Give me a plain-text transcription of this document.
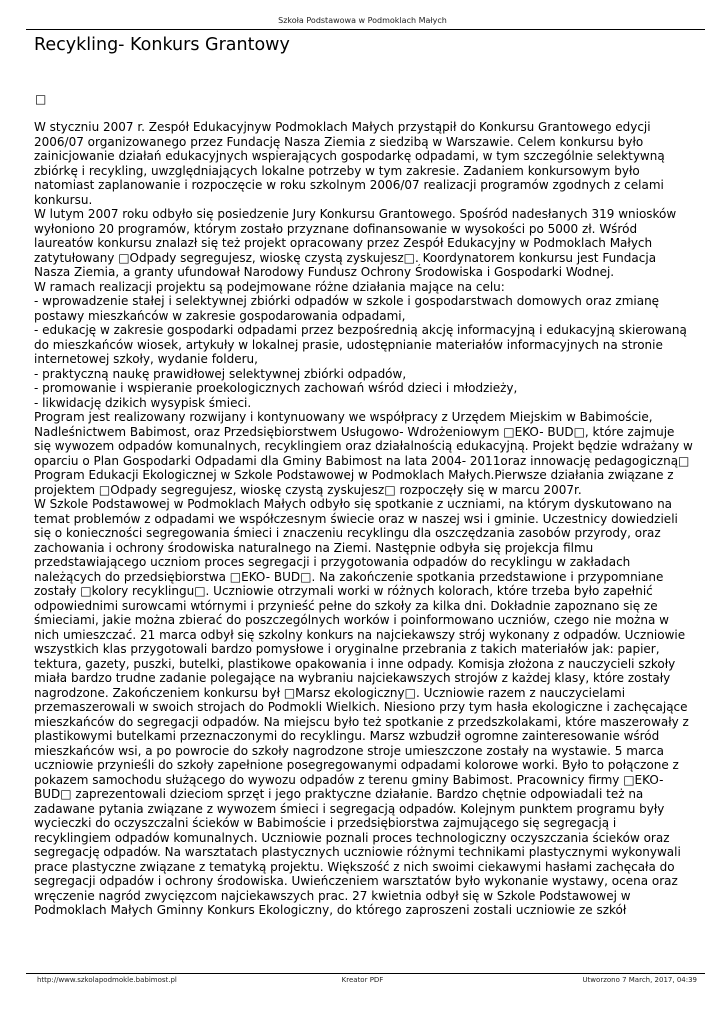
Szkoła Podstawowa w Podmoklach Małych
Recykling- Konkurs Grantowy
□

W styczniu 2007 r. Zespół Edukacyjnyw Podmoklach Małych przystąpił do Konkursu Grantowego edycji 2006/07 organizowanego przez Fundację Nasza Ziemia z siedzibą w Warszawie. Celem konkursu było zainicjowanie działań edukacyjnych wspierających gospodarkę odpadami, w tym szczególnie selektywną zbiórkę i recykling, uwzględniających lokalne potrzeby w tym zakresie. Zadaniem konkursowym było natomiast zaplanowanie i rozpoczęcie w roku szkolnym 2006/07 realizacji programów zgodnych z celami konkursu.

W lutym 2007 roku odbyło się posiedzenie Jury Konkursu Grantowego. Spośród nadesłanych 319 wniosków wyłoniono 20 programów, którym zostało przyznane dofinansowanie w wysokości po 5000 zł. Wśród laureatów konkursu znalazł się też projekt opracowany przez Zespół Edukacyjny w Podmoklach Małych zatytułowany □Odpady segregujesz, wioskę czystą zyskujesz□. Koordynatorem konkursu jest Fundacja Nasza Ziemia, a granty ufundował Narodowy Fundusz Ochrony Środowiska i Gospodarki Wodnej.

W ramach realizacji projektu są podejmowane różne działania mające na celu:

- wprowadzenie stałej i selektywnej zbiórki odpadów w szkole i gospodarstwach domowych oraz zmianę postawy mieszkańców w zakresie gospodarowania odpadami,

- edukację w zakresie gospodarki odpadami przez bezpośrednią akcję informacyjną i edukacyjną skierowaną do mieszkańców wiosek, artykuły w lokalnej prasie, udostępnianie materiałów informacyjnych na stronie internetowej szkoły, wydanie folderu,

- praktyczną naukę prawidłowej selektywnej zbiórki odpadów,

- promowanie i wspieranie proekologicznych zachowań wśród dzieci i młodzieży,

- likwidację dzikich wysypisk śmieci.

Program jest realizowany rozwijany i kontynuowany we współpracy z Urzędem Miejskim w Babimoście, Nadleśnictwem Babimost, oraz Przedsiębiorstwem Usługowo- Wdrożeniowym □EKO- BUD□, które zajmuje się wywozem odpadów komunalnych, recyklingiem oraz działalnością edukacyjną. Projekt będzie wdrażany w oparciu o Plan Gospodarki Odpadami dla Gminy Babimost na lata 2004- 2011oraz innowację pedagogiczną□ Program Edukacji Ekologicznej w Szkole Podstawowej w Podmoklach Małych.Pierwsze działania związane z projektem □Odpady segregujesz, wioskę czystą zyskujesz□ rozpoczęły się w marcu 2007r.

W Szkole Podstawowej w Podmoklach Małych odbyło się spotkanie z uczniami, na którym dyskutowano na temat problemów z odpadami we współczesnym świecie oraz w naszej wsi i gminie. Uczestnicy dowiedzieli się o konieczności segregowania śmieci i znaczeniu recyklingu dla oszczędzania zasobów przyrody, oraz zachowania i ochrony środowiska naturalnego na Ziemi. Następnie odbyła się projekcja filmu przedstawiającego uczniom proces segregacji i przygotowania odpadów do recyklingu w zakładach należących do przedsiębiorstwa □EKO- BUD□. Na zakończenie spotkania przedstawione i przypomniane zostały □kolory recyklingu□. Uczniowie otrzymali worki w różnych kolorach, które trzeba było zapełnić odpowiednimi surowcami wtórnymi i przynieść pełne do szkoły za kilka dni. Dokładnie zapoznano się ze śmieciami, jakie można zbierać do poszczególnych worków i poinformowano uczniów, czego nie można w nich umieszczać. 21 marca odbył się szkolny konkurs na najciekawszy strój wykonany z odpadów. Uczniowie wszystkich klas przygotowali bardzo pomysłowe i oryginalne przebrania z takich materiałów jak: papier, tektura, gazety, puszki, butelki, plastikowe opakowania i inne odpady. Komisja złożona z nauczycieli szkoły miała bardzo trudne zadanie polegające na wybraniu najciekawszych strojów z każdej klasy, które zostały nagrodzone. Zakończeniem konkursu był □Marsz ekologiczny□. Uczniowie razem z nauczycielami przemaszerowali w swoich strojach do Podmokli Wielkich. Niesiono przy tym hasła ekologiczne i zachęcające mieszkańców do segregacji odpadów. Na miejscu było też spotkanie z przedszkolakami, które maszerowały z plastikowymi butelkami przeznaczonymi do recyklingu. Marsz wzbudził ogromne zainteresowanie wśród mieszkańców wsi, a po powrocie do szkoły nagrodzone stroje umieszczone zostały na wystawie. 5 marca uczniowie przynieśli do szkoły zapełnione posegregowanymi odpadami kolorowe worki. Było to połączone z pokazem samochodu służącego do wywozu odpadów z terenu gminy Babimost. Pracownicy firmy □EKO-BUD□ zaprezentowali dzieciom sprzęt i jego praktyczne działanie. Bardzo chętnie odpowiadali też na zadawane pytania związane z wywozem śmieci i segregacją odpadów. Kolejnym punktem programu były wycieczki do oczyszczalni ścieków w Babimoście i przedsiębiorstwa zajmującego się segregacją i recyklingiem odpadów komunalnych. Uczniowie poznali proces technologiczny oczyszczania ścieków oraz segregację odpadów. Na warsztatach plastycznych uczniowie różnymi technikami plastycznymi wykonywali prace plastyczne związane z tematyką projektu. Większość z nich swoimi ciekawymi hasłami zachęcała do segregacji odpadów i ochrony środowiska. Uwieńczeniem warsztatów było wykonanie wystawy, ocena oraz wręczenie nagród zwycięzcom najciekawszych prac. 27 kwietnia odbył się w Szkole Podstawowej w Podmoklach Małych Gminny Konkurs Ekologiczny, do którego zaproszeni zostali uczniowie ze szkół

http://www.szkolapodmokle.babimost.pl	Kreator PDF	Utworzono 7 March, 2017, 04:39
